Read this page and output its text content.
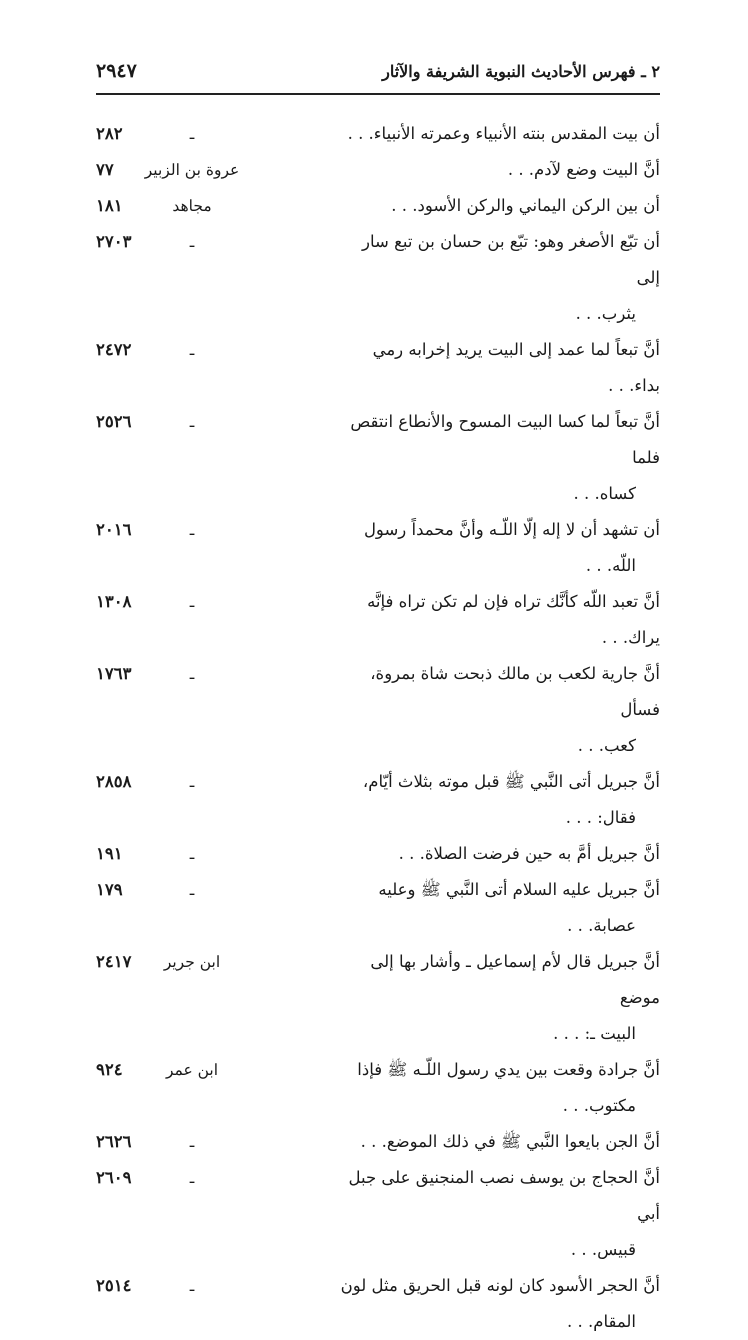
٢ ـ فهرس الأحاديث النبوية الشريفة والآثار
٢٩٤٧
أن بيت المقدس بنته الأنبياء وعمرته الأنبياء. . .
ـ
٢٨٢
أنَّ البيت وضع لآدم. . .
عروة بن الزبير
٧٧
أن بين الركن اليماني والركن الأسود. . .
مجاهد
١٨١
أن تبّع الأصغر وهو: تبّع بن حسان بن تبع سار إلى
يثرب. . .
ـ
٢٧٠٣
أنَّ تبعاً لما عمد إلى البيت يريد إخرابه رمي بداء. . .
ـ
٢٤٧٢
أنَّ تبعاً لما كسا البيت المسوح والأنطاع انتقص فلما
كساه. . .
ـ
٢٥٢٦
أن تشهد أن لا إله إلّا اللّـه وأنَّ محمداً رسول
اللّه. . .
ـ
٢٠١٦
أنَّ تعبد اللّه كأنَّك تراه فإن لم تكن تراه فإنَّه يراك. . .
ـ
١٣٠٨
أنَّ جارية لكعب بن مالك ذبحت شاة بمروة، فسأل
كعب. . .
ـ
١٧٦٣
أنَّ جبريل أتى النَّبي ﷺ قبل موته بثلاث أيّام،
فقال: . . .
ـ
٢٨٥٨
أنَّ جبريل أمَّ به حين فرضت الصلاة. . .
ـ
١٩١
أنَّ جبريل عليه السلام أتى النَّبي ﷺ وعليه
عصابة. . .
ـ
١٧٩
أنَّ جبريل قال لأم إسماعيل ـ وأشار بها إلى موضع
البيت ـ: . . .
ابن جرير
٢٤١٧
أنَّ جرادة وقعت بين يدي رسول اللّـه ﷺ فإذا
مكتوب. . .
ابن عمر
٩٢٤
أنَّ الجن بايعوا النَّبي ﷺ في ذلك الموضع. . .
ـ
٢٦٢٦
أنَّ الحجاج بن يوسف نصب المنجنيق على جبل أبي
قبيس. . .
ـ
٢٦٠٩
أنَّ الحجر الأسود كان لونه قبل الحريق مثل لون
المقام. . .
ـ
٢٥١٤
